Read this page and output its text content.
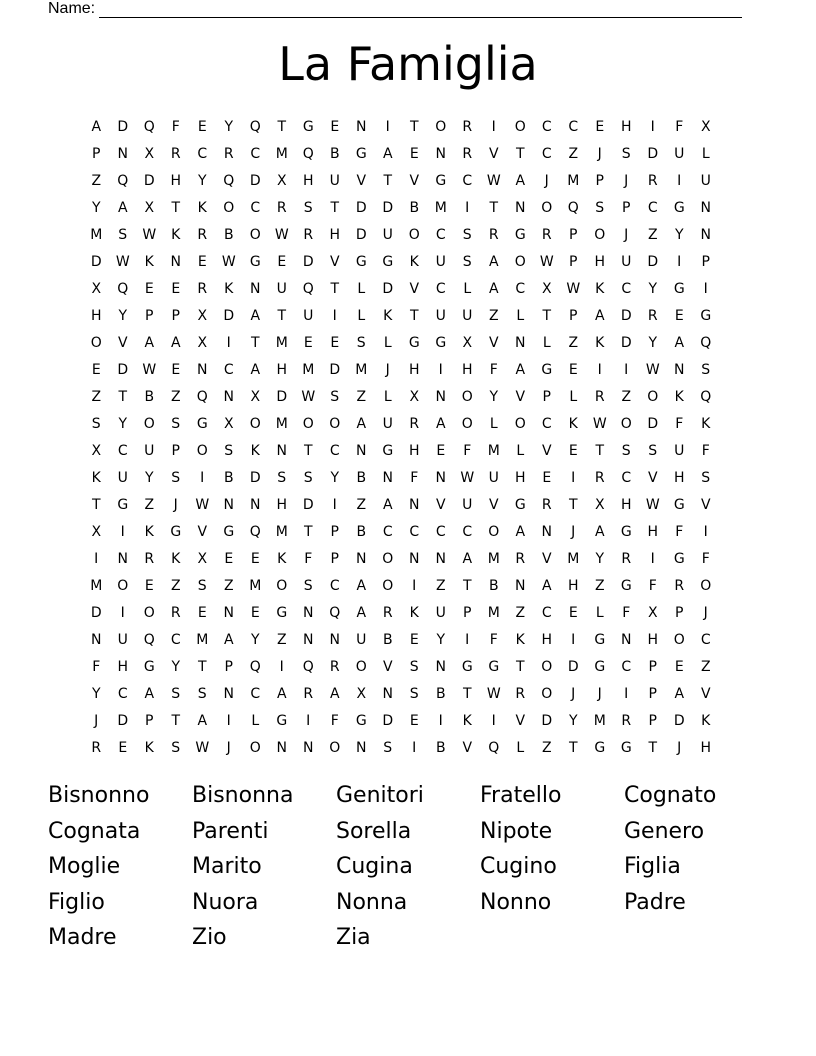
Name:
La Famiglia
A	D	Q	F	E	Y	Q	T	G	E	N	I	T	O	R	I	O	C	C	E	H	I	F	X
P	N	X	R	C	R	C	M	Q	B	G	A	E	N	R	V	T	C	Z	J	S	D	U	L
Z	Q	D	H	Y	Q	D	X	H	U	V	T	V	G	C	W	A	J	M	P	J	R	I	U
Y	A	X	T	K	O	C	R	S	T	D	D	B	M	I	T	N	O	Q	S	P	C	G	N
M	S	W	K	R	B	O	W	R	H	D	U	O	C	S	R	G	R	P	O	J	Z	Y	N
D	W	K	N	E	W	G	E	D	V	G	G	K	U	S	A	O	W	P	H	U	D	I	P
X	Q	E	E	R	K	N	U	Q	T	L	D	V	C	L	A	C	X	W	K	C	Y	G	I
H	Y	P	P	X	D	A	T	U	I	L	K	T	U	U	Z	L	T	P	A	D	R	E	G
O	V	A	A	X	I	T	M	E	E	S	L	G	G	X	V	N	L	Z	K	D	Y	A	Q
E	D	W	E	N	C	A	H	M	D	M	J	H	I	H	F	A	G	E	I	I	W	N	S
Z	T	B	Z	Q	N	X	D	W	S	Z	L	X	N	O	Y	V	P	L	R	Z	O	K	Q
S	Y	O	S	G	X	O	M	O	O	A	U	R	A	O	L	O	C	K	W	O	D	F	K
X	C	U	P	O	S	K	N	T	C	N	G	H	E	F	M	L	V	E	T	S	S	U	F
K	U	Y	S	I	B	D	S	S	Y	B	N	F	N	W	U	H	E	I	R	C	V	H	S
T	G	Z	J	W	N	N	H	D	I	Z	A	N	V	U	V	G	R	T	X	H	W	G	V
X	I	K	G	V	G	Q	M	T	P	B	C	C	C	C	O	A	N	J	A	G	H	F	I
I	N	R	K	X	E	E	K	F	P	N	O	N	N	A	M	R	V	M	Y	R	I	G	F
M	O	E	Z	S	Z	M	O	S	C	A	O	I	Z	T	B	N	A	H	Z	G	F	R	O
D	I	O	R	E	N	E	G	N	Q	A	R	K	U	P	M	Z	C	E	L	F	X	P	J
N	U	Q	C	M	A	Y	Z	N	N	U	B	E	Y	I	F	K	H	I	G	N	H	O	C
F	H	G	Y	T	P	Q	I	Q	R	O	V	S	N	G	G	T	O	D	G	C	P	E	Z
Y	C	A	S	S	N	C	A	R	A	X	N	S	B	T	W	R	O	J	J	I	P	A	V
J	D	P	T	A	I	L	G	I	F	G	D	E	I	K	I	V	D	Y	M	R	P	D	K
R	E	K	S	W	J	O	N	N	O	N	S	I	B	V	Q	L	Z	T	G	G	T	J	H
Bisnonno	Bisnonna	Genitori	Fratello	Cognato
Cognata	Parenti	Sorella	Nipote	Genero
Moglie	Marito	Cugina	Cugino	Figlia
Figlio	Nuora	Nonna	Nonno	Padre
Madre	Zio	Zia
